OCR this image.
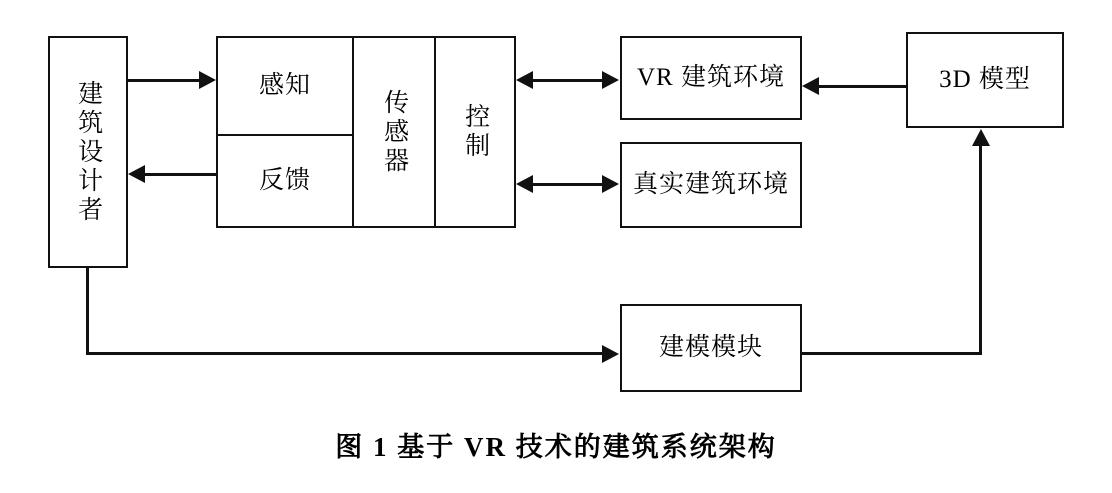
建筑设计者	感知
反馈
传感器 控制
VR 建筑环境
真实建筑环境
3D 模型
建模模块
图 1 基于 VR 技术的建筑系统架构
